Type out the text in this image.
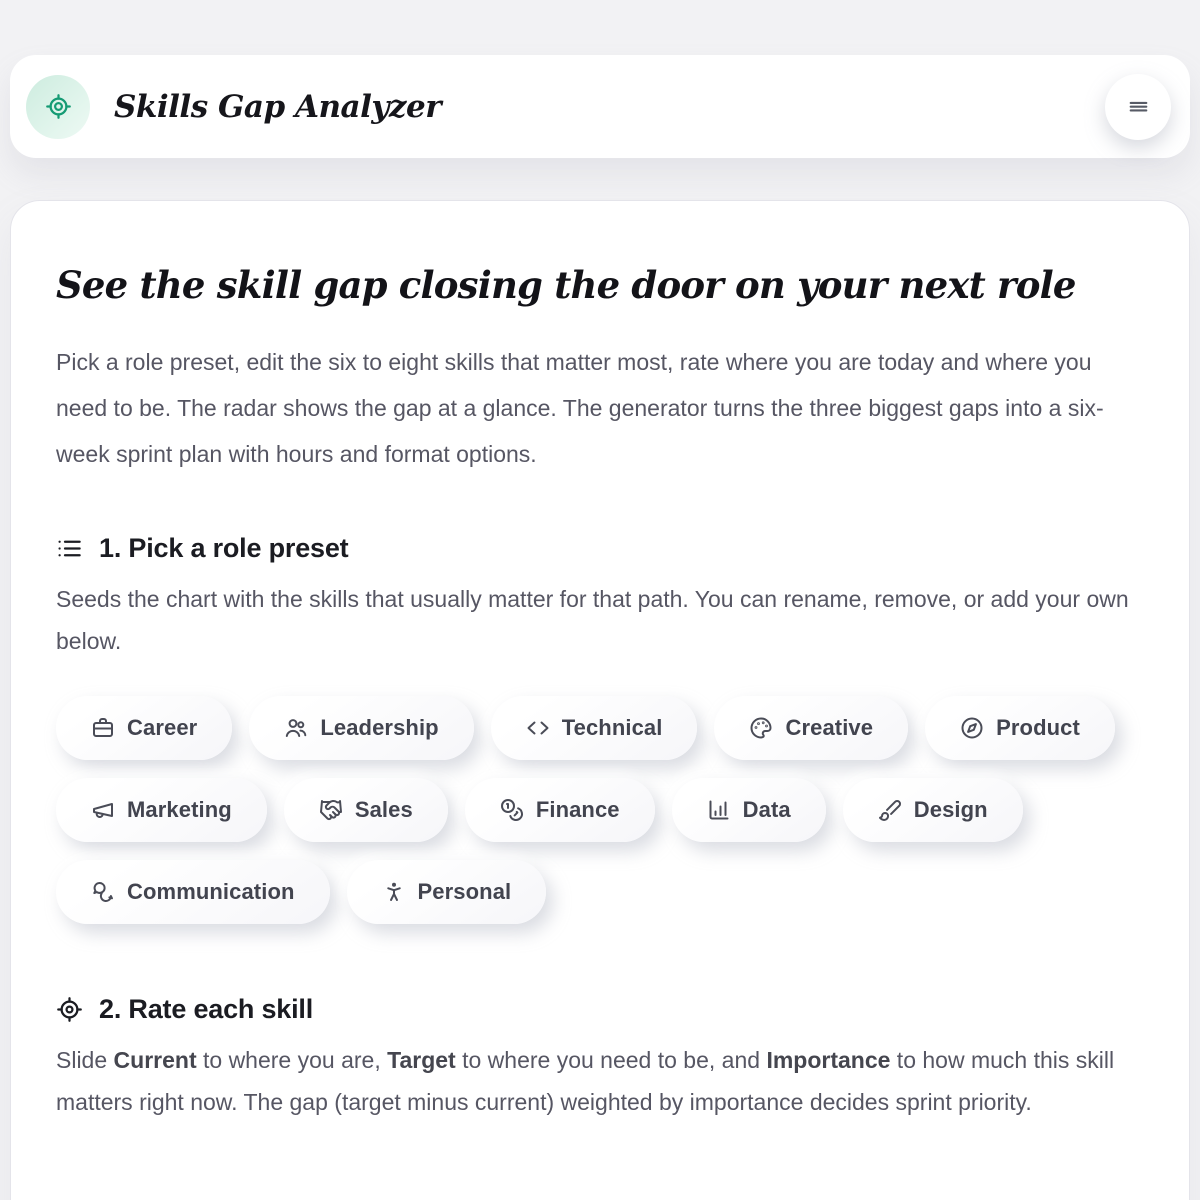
Skills Gap Analyzer
See the skill gap closing the door on your next role

Pick a role preset, edit the six to eight skills that matter most, rate where you are today and where you need to be. The radar shows the gap at a glance. The generator turns the three biggest gaps into a six-week sprint plan with hours and format options.

1. Pick a role preset

Seeds the chart with the skills that usually matter for that path. You can rename, remove, or add your own below.

Career	Leadership	Technical	Creative	Product
Marketing	Sales	Finance	Data	Design
Communication	Personal
2. Rate each skill

Slide Current to where you are, Target to where you need to be, and Importance to how much this skill matters right now. The gap (target minus current) weighted by importance decides sprint priority.
